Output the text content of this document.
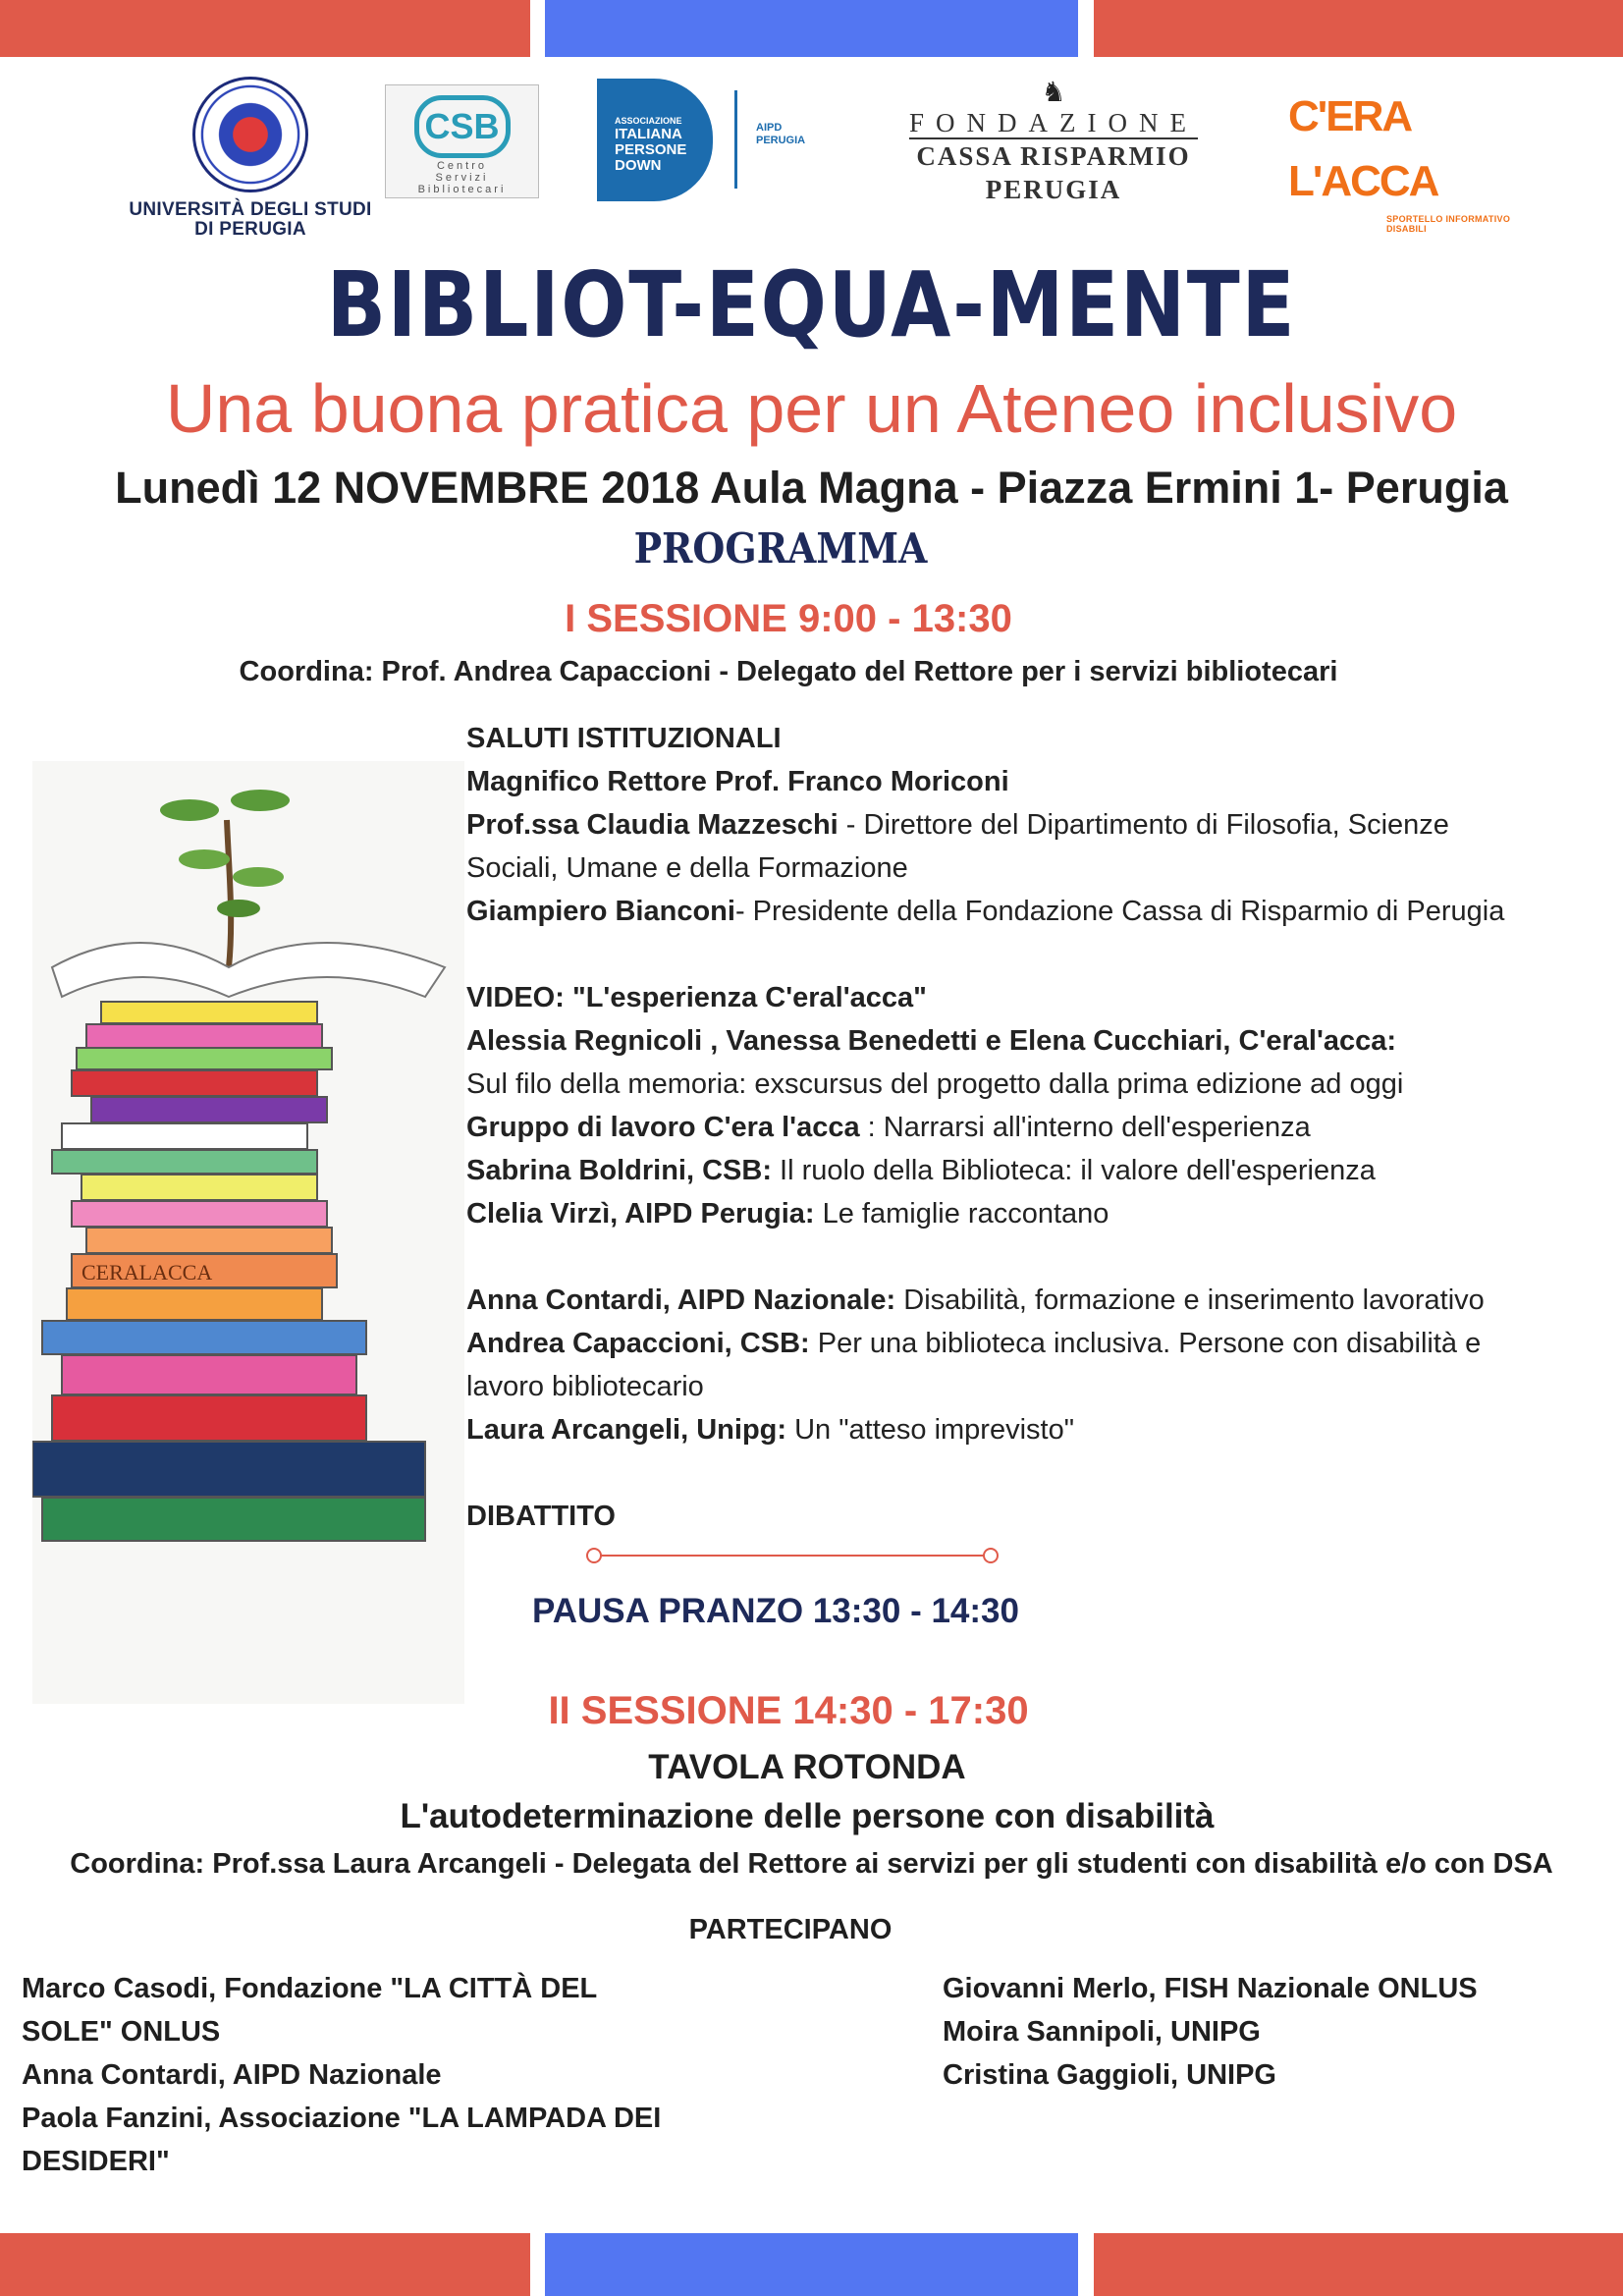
UNIVERSITÀ DEGLI STUDI
DI PERUGIA
CSB
Centro
Servizi
Bibliotecari
ASSOCIAZIONE
ITALIANA
PERSONE
DOWN
AIPD
PERUGIA
♞
FONDAZIONE
CASSA RISPARMIO PERUGIA
C'ERA L'ACCA
SPORTELLO INFORMATIVO DISABILI
BIBLIOT-EQUA-MENTE
Una buona pratica per un Ateneo inclusivo
Lunedì 12 NOVEMBRE 2018 Aula Magna - Piazza Ermini 1- Perugia
PROGRAMMA
I SESSIONE 9:00 - 13:30
Coordina: Prof. Andrea Capaccioni - Delegato del Rettore per i servizi bibliotecari
CERALACCA
SALUTI ISTITUZIONALI
Magnifico Rettore Prof. Franco Moriconi
Prof.ssa Claudia Mazzeschi - Direttore del Dipartimento di Filosofia, Scienze
Sociali, Umane e della Formazione
Giampiero Bianconi- Presidente della Fondazione Cassa di Risparmio di Perugia
VIDEO: "L'esperienza C'eral'acca"
Alessia Regnicoli , Vanessa Benedetti e Elena Cucchiari, C'eral'acca:
Sul filo della memoria: exscursus del progetto dalla prima edizione ad oggi
Gruppo di lavoro C'era l'acca : Narrarsi all'interno dell'esperienza
Sabrina Boldrini, CSB: Il ruolo della Biblioteca: il valore dell'esperienza
Clelia Virzì, AIPD Perugia: Le famiglie raccontano
Anna Contardi, AIPD Nazionale: Disabilità, formazione e inserimento lavorativo
Andrea Capaccioni, CSB: Per una biblioteca inclusiva. Persone con disabilità e
lavoro bibliotecario
Laura Arcangeli, Unipg: Un "atteso imprevisto"
DIBATTITO
PAUSA PRANZO 13:30 - 14:30
II SESSIONE 14:30 - 17:30
TAVOLA ROTONDA
L'autodeterminazione delle persone con disabilità
Coordina: Prof.ssa Laura Arcangeli - Delegata del Rettore ai servizi per gli studenti con disabilità e/o con DSA
PARTECIPANO
Marco Casodi, Fondazione "LA CITTÀ DEL
SOLE" ONLUS
Anna Contardi, AIPD Nazionale
Paola Fanzini, Associazione "LA LAMPADA DEI
DESIDERI"
Giovanni Merlo, FISH Nazionale ONLUS
Moira Sannipoli, UNIPG
Cristina Gaggioli, UNIPG
